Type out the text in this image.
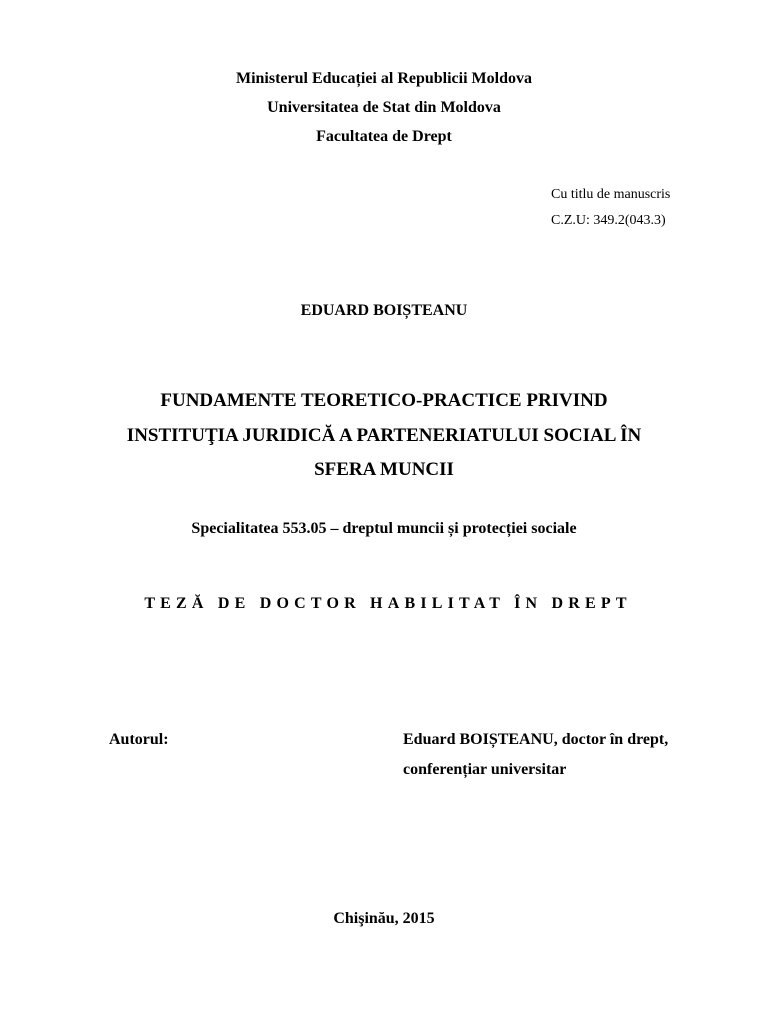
Ministerul Educației al Republicii Moldova
Universitatea de Stat din Moldova
Facultatea de Drept
Cu titlu de manuscris
C.Z.U: 349.2(043.3)
EDUARD BOIȘTEANU
FUNDAMENTE TEORETICO-PRACTICE PRIVIND
INSTITUŢIA JURIDICĂ A PARTENERIATULUI SOCIAL ÎN
SFERA MUNCII
Specialitatea 553.05 – dreptul muncii și protecției sociale
TEZĂ DE DOCTOR HABILITAT ÎN DREPT
Autorul:	Eduard BOIȘTEANU, doctor în drept,
conferențiar universitar
Chişinău, 2015
